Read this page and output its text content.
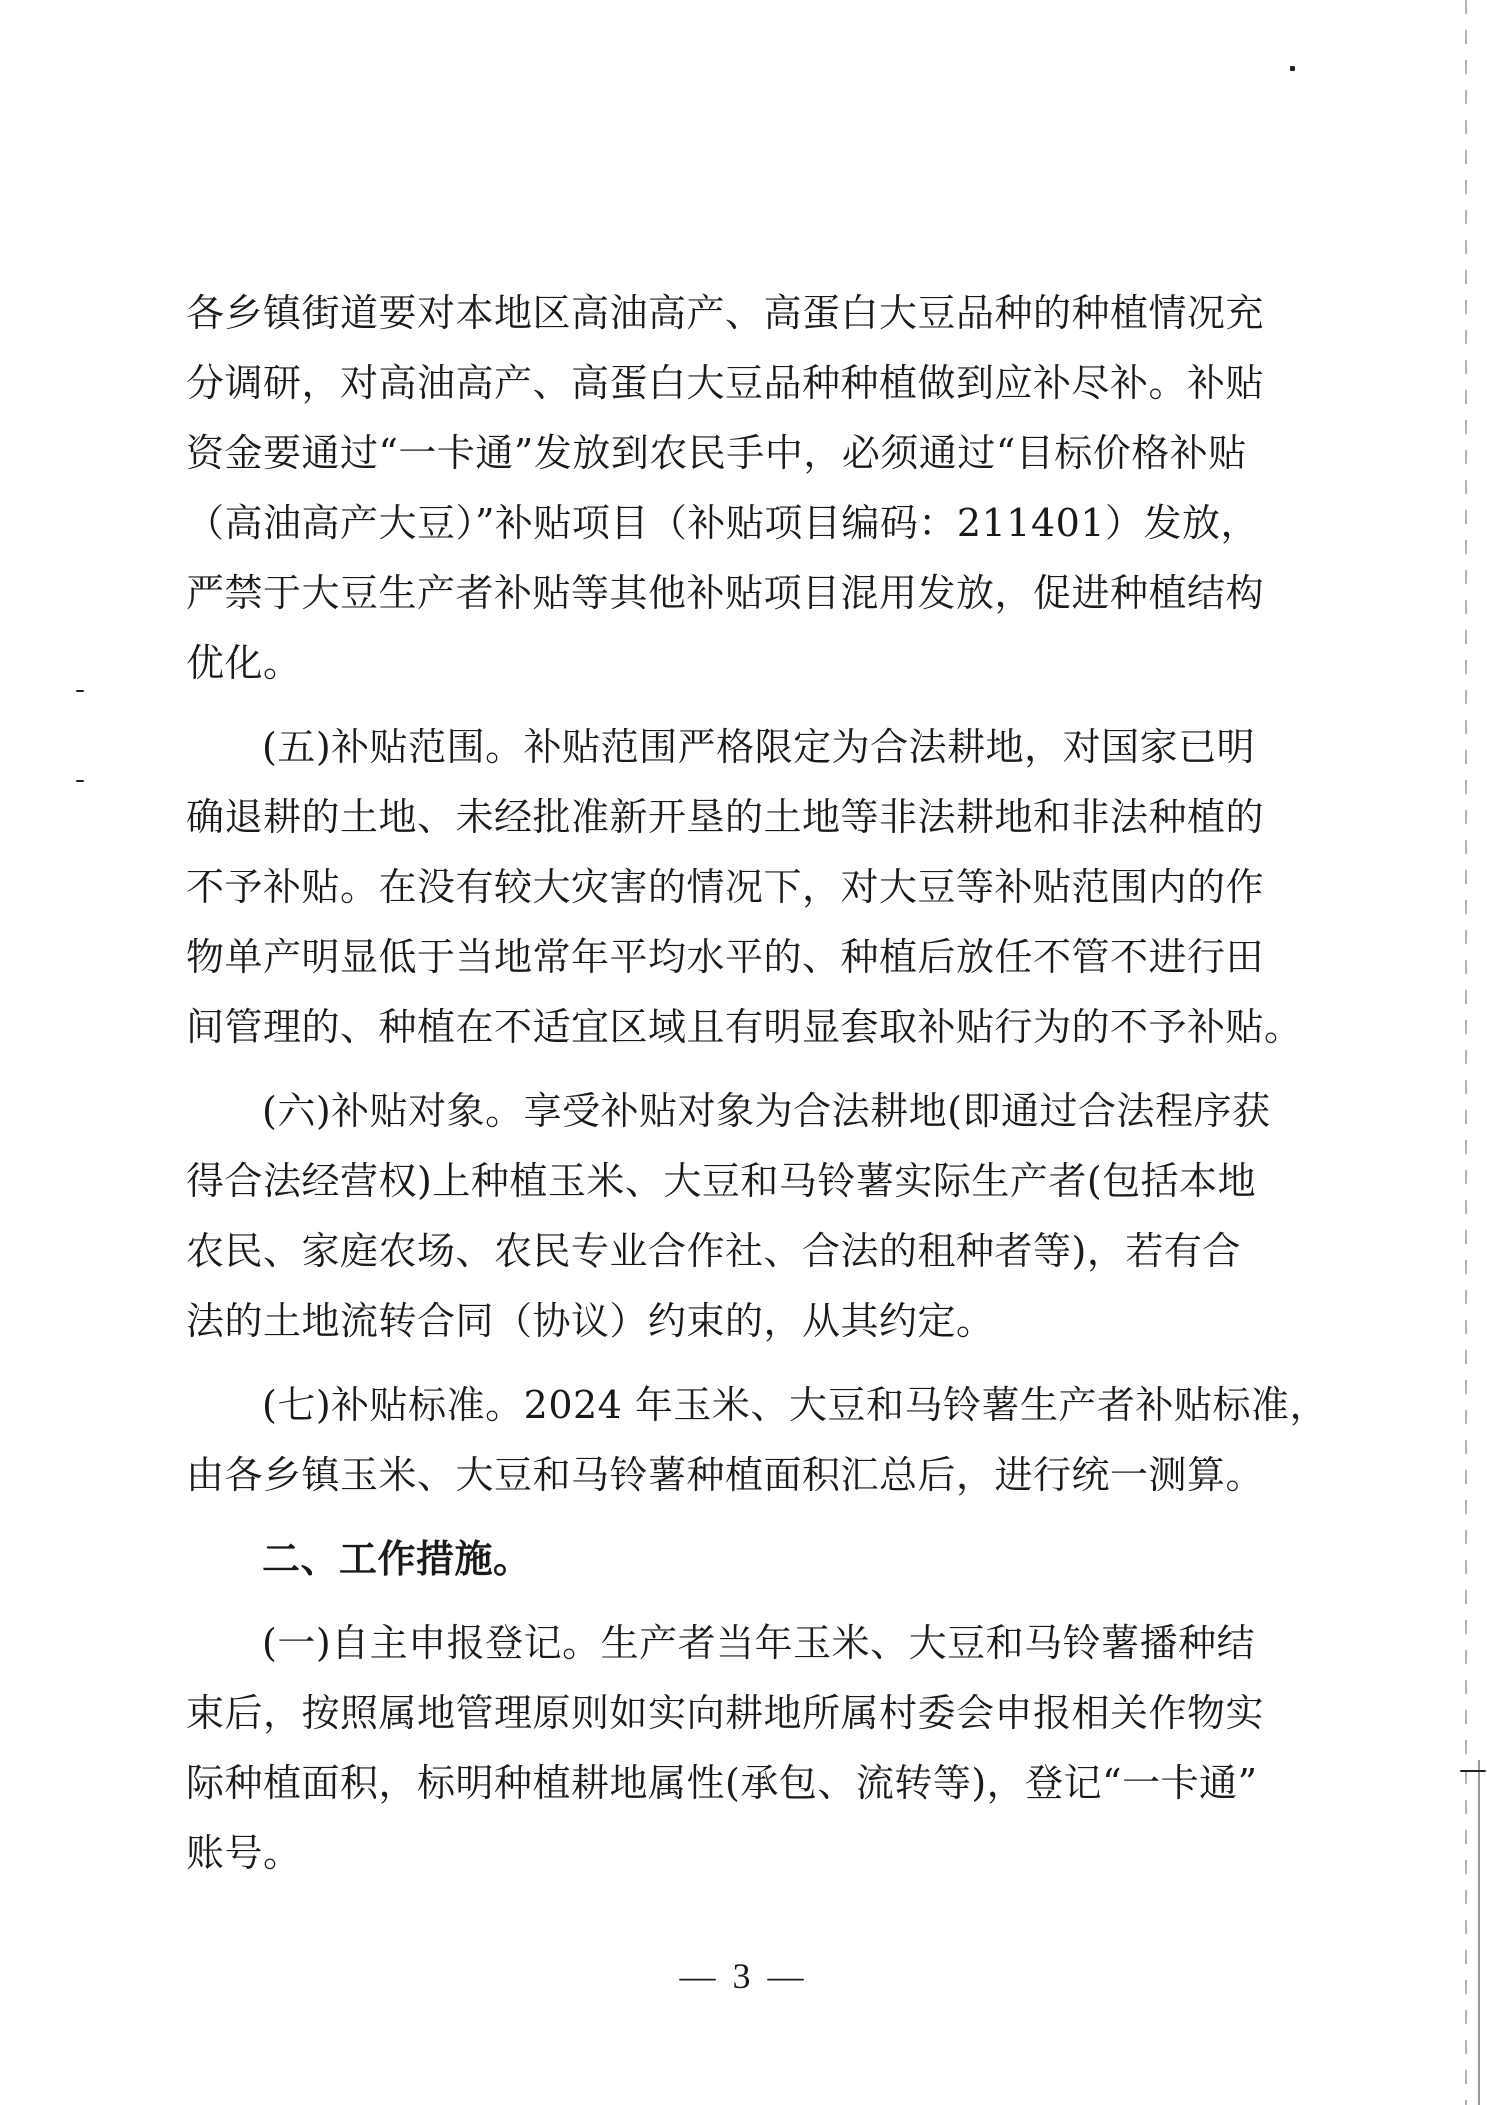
各乡镇街道要对本地区高油高产、高蛋白大豆品种的种植情况充
分调研，对高油高产、高蛋白大豆品种种植做到应补尽补。补贴
资金要通过“一卡通”发放到农民手中，必须通过“目标价格补贴
（高油高产大豆）”补贴项目（补贴项目编码：211401）发放，
严禁于大豆生产者补贴等其他补贴项目混用发放，促进种植结构
优化。
(五)补贴范围。补贴范围严格限定为合法耕地，对国家已明
确退耕的土地、未经批准新开垦的土地等非法耕地和非法种植的
不予补贴。在没有较大灾害的情况下，对大豆等补贴范围内的作
物单产明显低于当地常年平均水平的、种植后放任不管不进行田
间管理的、种植在不适宜区域且有明显套取补贴行为的不予补贴。
(六)补贴对象。享受补贴对象为合法耕地(即通过合法程序获
得合法经营权)上种植玉米、大豆和马铃薯实际生产者(包括本地
农民、家庭农场、农民专业合作社、合法的租种者等)，若有合
法的土地流转合同（协议）约束的，从其约定。
(七)补贴标准。2024 年玉米、大豆和马铃薯生产者补贴标准，
由各乡镇玉米、大豆和马铃薯种植面积汇总后，进行统一测算。
二、工作措施。
(一)自主申报登记。生产者当年玉米、大豆和马铃薯播种结
束后，按照属地管理原则如实向耕地所属村委会申报相关作物实
际种植面积，标明种植耕地属性(承包、流转等)，登记“一卡通”
账号。
— 3 —
